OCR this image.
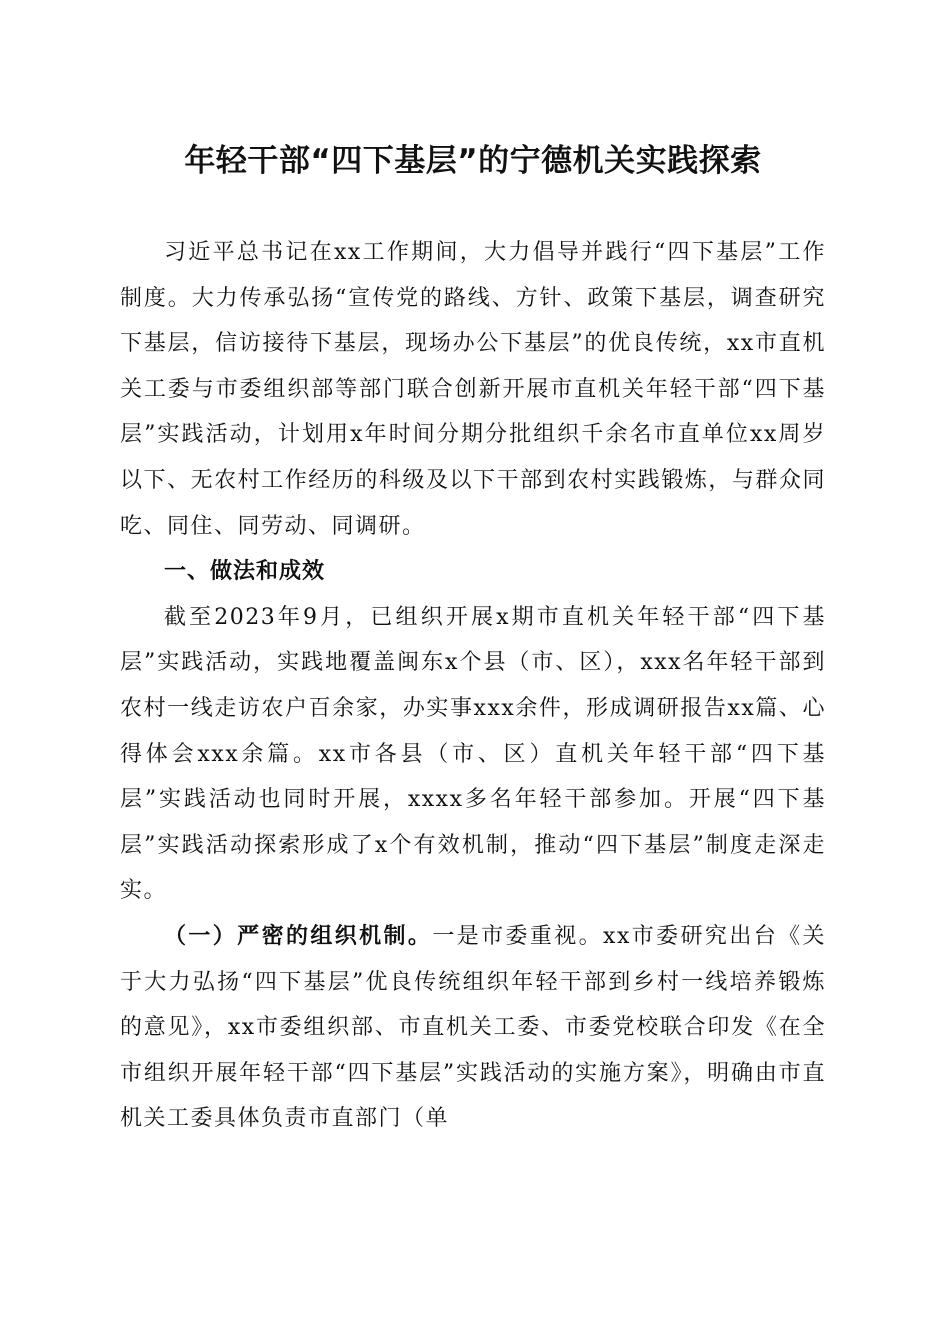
年轻干部“四下基层”的宁德机关实践探索

习近平总书记在xx工作期间，大力倡导并践行“四下基层”工作制度。大力传承弘扬“宣传党的路线、方针、政策下基层，调查研究下基层，信访接待下基层，现场办公下基层”的优良传统，xx市直机关工委与市委组织部等部门联合创新开展市直机关年轻干部“四下基层”实践活动，计划用x年时间分期分批组织千余名市直单位xx周岁以下、无农村工作经历的科级及以下干部到农村实践锻炼，与群众同吃、同住、同劳动、同调研。

一、做法和成效

截至2023年9月，已组织开展x期市直机关年轻干部“四下基层”实践活动，实践地覆盖闽东x个县（市、区），xxx名年轻干部到农村一线走访农户百余家，办实事xxx余件，形成调研报告xx篇、心得体会xxx余篇。xx市各县（市、区）直机关年轻干部“四下基层”实践活动也同时开展，xxxx多名年轻干部参加。开展“四下基层”实践活动探索形成了x个有效机制，推动“四下基层”制度走深走实。

（一）严密的组织机制。一是市委重视。xx市委研究出台《关于大力弘扬“四下基层”优良传统组织年轻干部到乡村一线培养锻炼的意见》，xx市委组织部、市直机关工委、市委党校联合印发《在全市组织开展年轻干部“四下基层”实践活动的实施方案》，明确由市直机关工委具体负责市直部门（单
